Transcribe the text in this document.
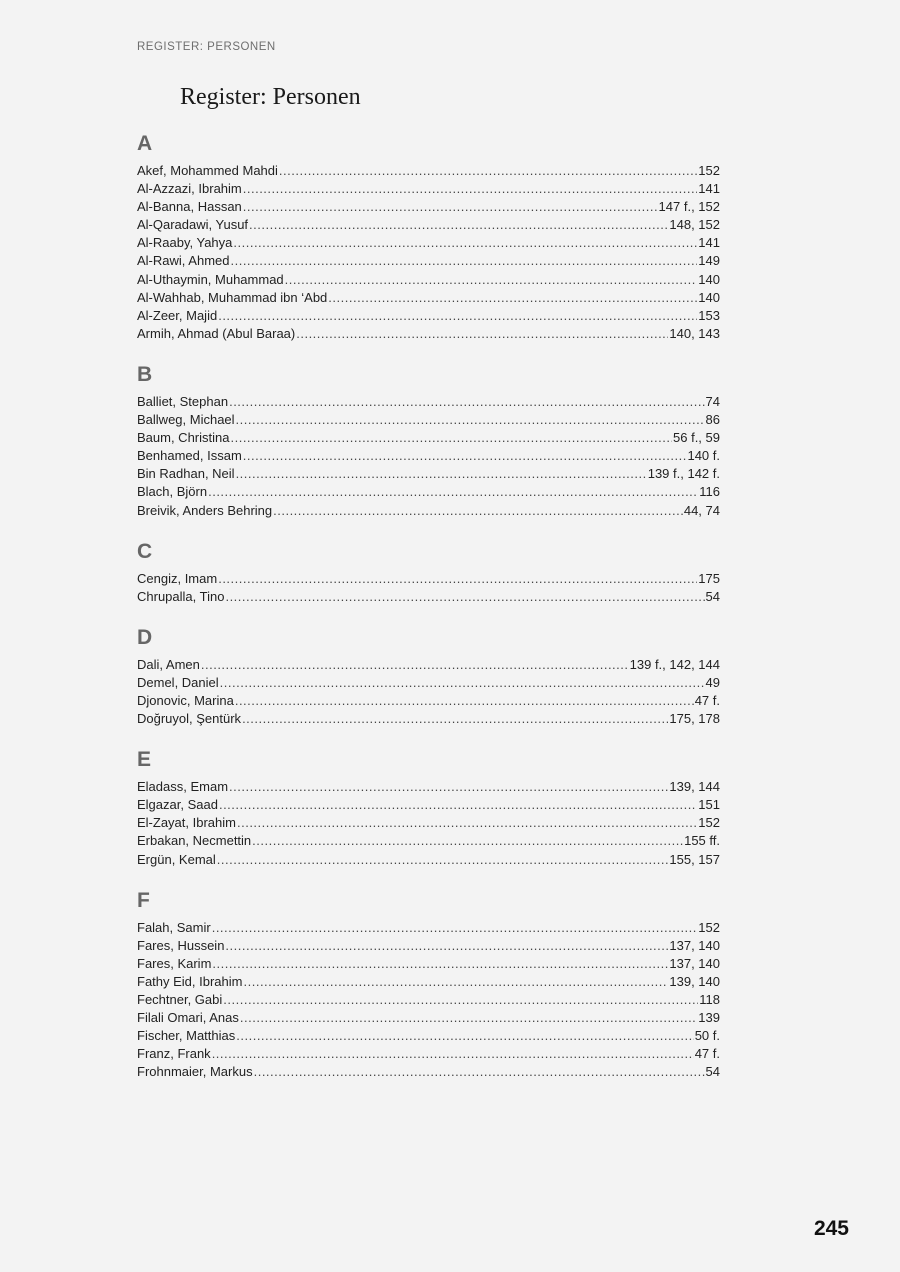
REGISTER: PERSONEN
Register: Personen
A
Akef, Mohammed Mahdi .....	152
Al-Azzazi, Ibrahim .....	141
Al-Banna, Hassan .....	147 f., 152
Al-Qaradawi, Yusuf .....	148, 152
Al-Raaby, Yahya .....	141
Al-Rawi, Ahmed .....	149
Al-Uthaymin, Muhammad .....	140
Al-Wahhab, Muhammad ibn ‘Abd .....	140
Al-Zeer, Majid .....	153
Armih, Ahmad (Abul Baraa) .....	140, 143
B
Balliet, Stephan .....	74
Ballweg, Michael .....	86
Baum, Christina .....	56 f., 59
Benhamed, Issam .....	140 f.
Bin Radhan, Neil .....	139 f., 142 f.
Blach, Björn .....	116
Breivik, Anders Behring .....	44, 74
C
Cengiz, Imam .....	175
Chrupalla, Tino .....	54
D
Dali, Amen .....	139 f., 142, 144
Demel, Daniel .....	49
Djonovic, Marina .....	47 f.
Doğruyol, Şentürk .....	175, 178
E
Eladass, Emam .....	139, 144
Elgazar, Saad .....	151
El-Zayat, Ibrahim .....	152
Erbakan, Necmettin .....	155 ff.
Ergün, Kemal .....	155, 157
F
Falah, Samir .....	152
Fares, Hussein .....	137, 140
Fares, Karim .....	137, 140
Fathy Eid, Ibrahim .....	139, 140
Fechtner, Gabi .....	118
Filali Omari, Anas .....	139
Fischer, Matthias .....	50 f.
Franz, Frank .....	47 f.
Frohnmaier, Markus .....	54
245
